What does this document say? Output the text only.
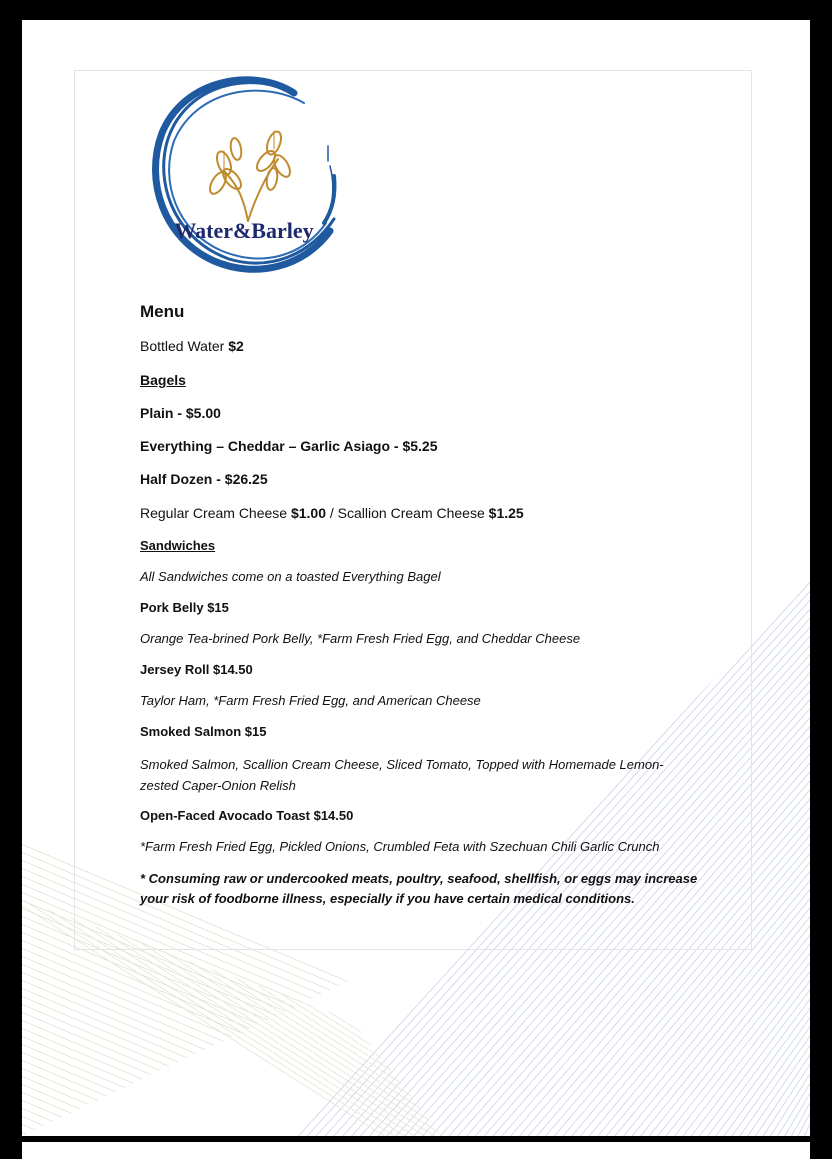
Water&Barley
Menu
Bottled Water $2
Bagels
Plain - $5.00
Everything – Cheddar – Garlic Asiago - $5.25
Half Dozen - $26.25
Regular Cream Cheese $1.00 / Scallion Cream Cheese $1.25
Sandwiches
All Sandwiches come on a toasted Everything Bagel
Pork Belly $15
Orange Tea-brined Pork Belly, *Farm Fresh Fried Egg, and Cheddar Cheese
Jersey Roll $14.50
Taylor Ham, *Farm Fresh Fried Egg, and American Cheese
Smoked Salmon $15
Smoked Salmon, Scallion Cream Cheese, Sliced Tomato, Topped with Homemade Lemon-zested Caper-Onion Relish
Open-Faced Avocado Toast $14.50
*Farm Fresh Fried Egg, Pickled Onions, Crumbled Feta with Szechuan Chili Garlic Crunch
* Consuming raw or undercooked meats, poultry, seafood, shellfish, or eggs may increase your risk of foodborne illness, especially if you have certain medical conditions.
